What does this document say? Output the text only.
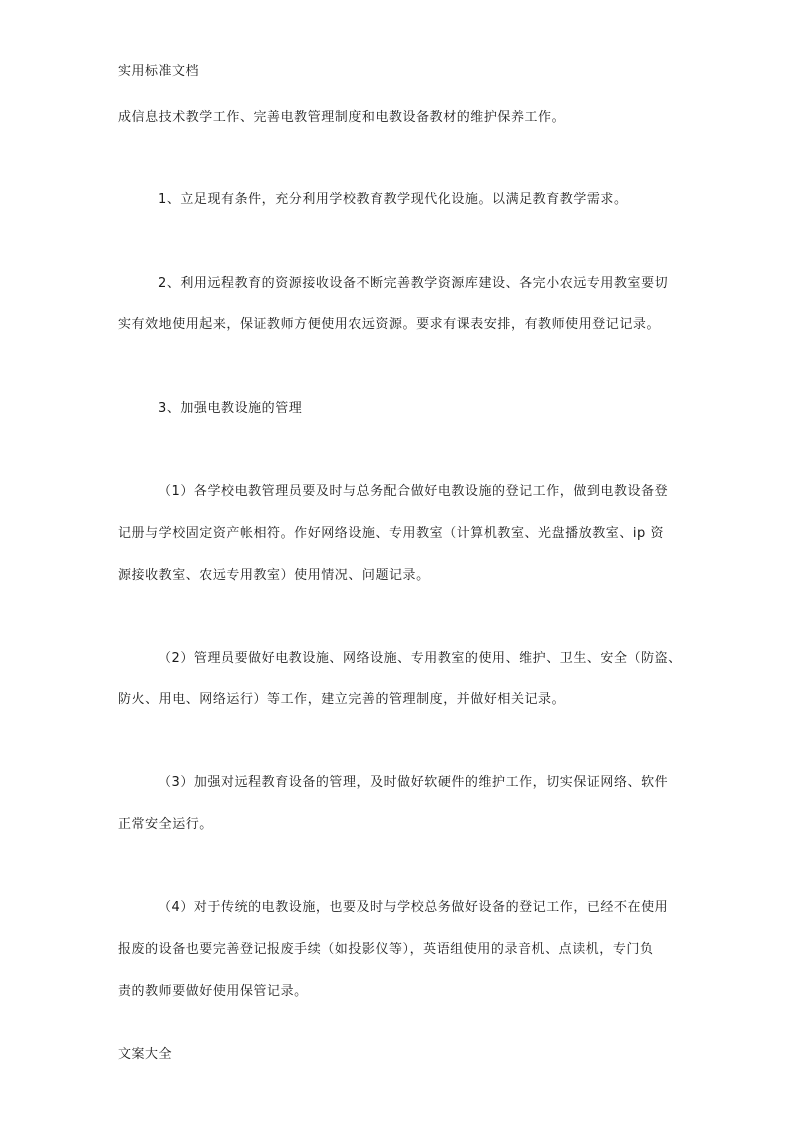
实用标准文档
成信息技术教学工作、完善电教管理制度和电教设备教材的维护保养工作。
1、立足现有条件，充分利用学校教育教学现代化设施。以满足教育教学需求。
2、利用远程教育的资源接收设备不断完善教学资源库建设、各完小农远专用教室要切
实有效地使用起来，保证教师方便使用农远资源。要求有课表安排，有教师使用登记记录。
3、加强电教设施的管理
（1）各学校电教管理员要及时与总务配合做好电教设施的登记工作，做到电教设备登
记册与学校固定资产帐相符。作好网络设施、专用教室（计算机教室、光盘播放教室、ip 资
源接收教室、农远专用教室）使用情况、问题记录。
（2）管理员要做好电教设施、网络设施、专用教室的使用、维护、卫生、安全（防盗、
防火、用电、网络运行）等工作，建立完善的管理制度，并做好相关记录。
（3）加强对远程教育设备的管理，及时做好软硬件的维护工作，切实保证网络、软件
正常安全运行。
（4）对于传统的电教设施，也要及时与学校总务做好设备的登记工作，已经不在使用
报废的设备也要完善登记报废手续（如投影仪等），英语组使用的录音机、点读机，专门负
责的教师要做好使用保管记录。
文案大全
